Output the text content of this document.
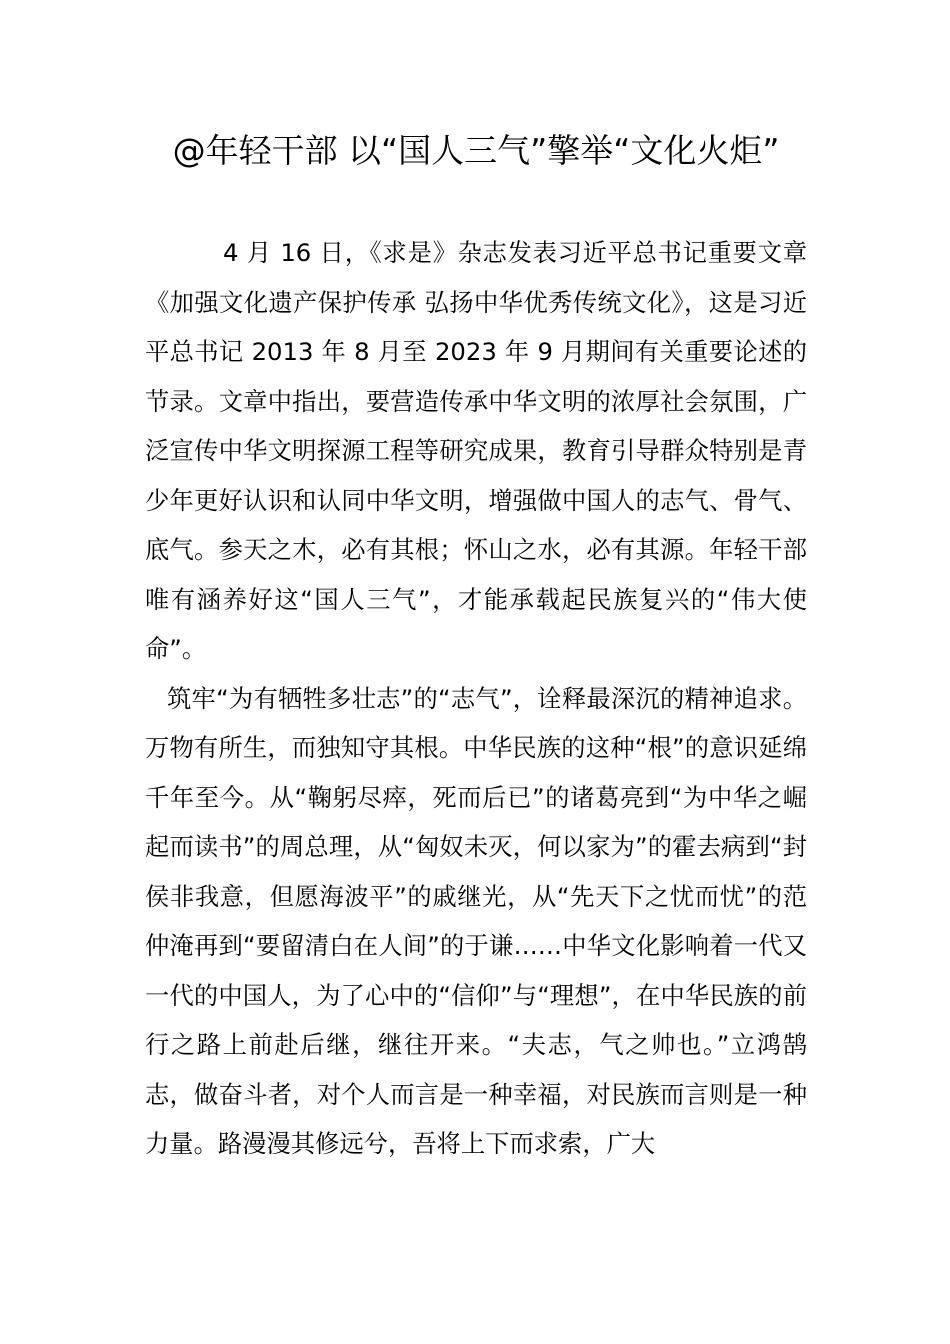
@年轻干部 以“国人三气”擎举“文化火炬”

4 月 16 日，《求是》杂志发表习近平总书记重要文章《加强文化遗产保护传承 弘扬中华优秀传统文化》，这是习近平总书记 2013 年 8 月至 2023 年 9 月期间有关重要论述的节录。文章中指出，要营造传承中华文明的浓厚社会氛围，广泛宣传中华文明探源工程等研究成果，教育引导群众特别是青少年更好认识和认同中华文明，增强做中国人的志气、骨气、底气。参天之木，必有其根；怀山之水，必有其源。年轻干部唯有涵养好这“国人三气”，才能承载起民族复兴的“伟大使命”。

筑牢“为有牺牲多壮志”的“志气”，诠释最深沉的精神追求。万物有所生，而独知守其根。中华民族的这种“根”的意识延绵千年至今。从“鞠躬尽瘁，死而后已”的诸葛亮到“为中华之崛起而读书”的周总理，从“匈奴未灭，何以家为”的霍去病到“封侯非我意，但愿海波平”的戚继光，从“先天下之忧而忧”的范仲淹再到“要留清白在人间”的于谦……中华文化影响着一代又一代的中国人，为了心中的“信仰”与“理想”，在中华民族的前行之路上前赴后继，继往开来。“夫志，气之帅也。”立鸿鹄志，做奋斗者，对个人而言是一种幸福，对民族而言则是一种力量。路漫漫其修远兮，吾将上下而求索，广大
